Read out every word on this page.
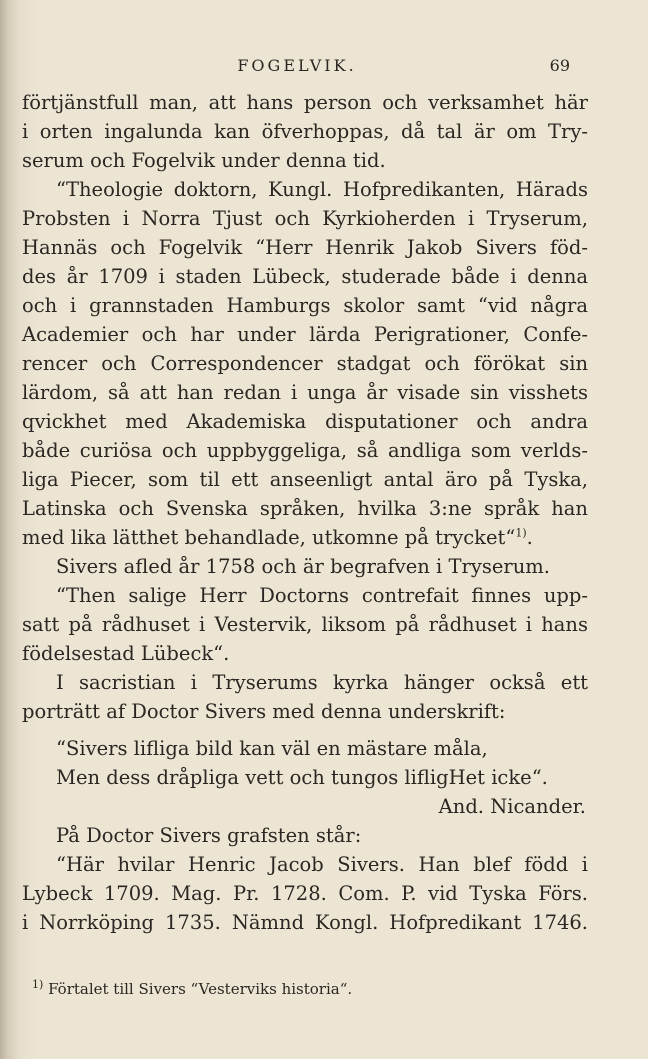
FOGELVIK.	69
förtjänstfull man, att hans person och verksamhet här
i orten ingalunda kan öfverhoppas, då tal är om Try-
serum och Fogelvik under denna tid.
“Theologie doktorn, Kungl. Hofpredikanten, Härads
Probsten i Norra Tjust och Kyrkioherden i Tryserum,
Hannäs och Fogelvik “Herr Henrik Jakob Sivers föd-
des år 1709 i staden Lübeck, studerade både i denna
och i grannstaden Hamburgs skolor samt “vid några
Academier och har under lärda Perigrationer, Confe-
rencer och Correspondencer stadgat och förökat sin
lärdom, så att han redan i unga år visade sin visshets
qvickhet med Akademiska disputationer och andra
både curiösa och uppbyggeliga, så andliga som verlds-
liga Piecer, som til ett anseenligt antal äro på Tyska,
Latinska och Svenska språken, hvilka 3:ne språk han
med lika lätthet behandlade, utkomne på trycket“$^{1)}$.
Sivers afled år 1758 och är begrafven i Tryserum.
“Then salige Herr Doctorns contrefait finnes upp-
satt på rådhuset i Vestervik, liksom på rådhuset i hans
födelsestad Lübeck“.
I sacristian i Tryserums kyrka hänger också ett
porträtt af Doctor Sivers med denna underskrift:
“Sivers lifliga bild kan väl en mästare måla,
Men dess dråpliga vett och tungos lifligHet icke“.
And. Nicander.
På Doctor Sivers grafsten står:
“Här hvilar Henric Jacob Sivers. Han blef född i
Lybeck 1709. Mag. Pr. 1728. Com. P. vid Tyska Förs.
i Norrköping 1735. Nämnd Kongl. Hofpredikant 1746.
$^{1)}$ Förtalet till Sivers “Vesterviks historia“.
